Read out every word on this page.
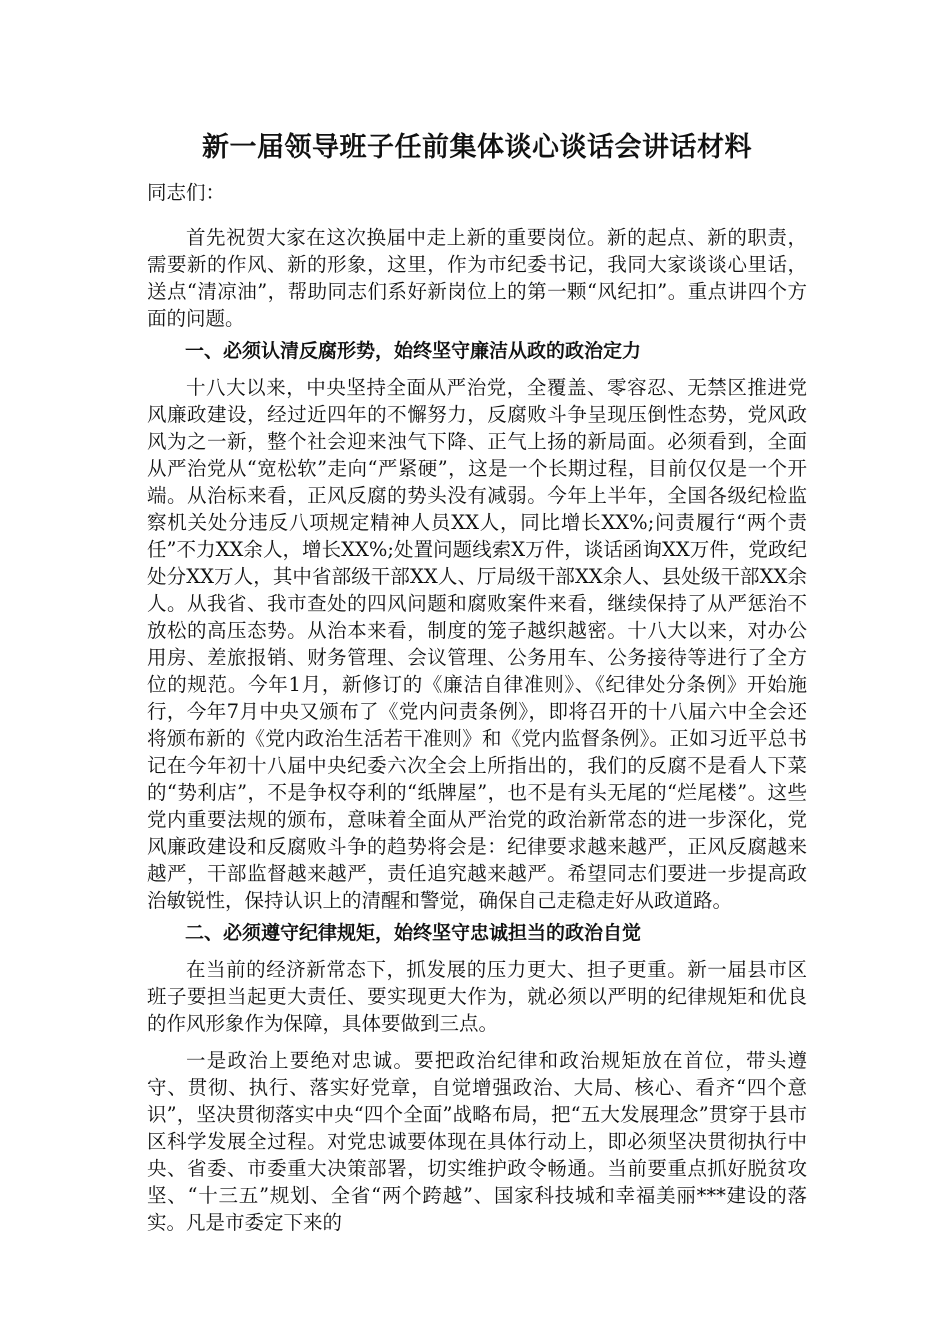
新一届领导班子任前集体谈心谈话会讲话材料
同志们：

首先祝贺大家在这次换届中走上新的重要岗位。新的起点、新的职责，需要新的作风、新的形象，这里，作为市纪委书记，我同大家谈谈心里话，送点“清凉油”，帮助同志们系好新岗位上的第一颗“风纪扣”。重点讲四个方面的问题。

一、必须认清反腐形势，始终坚守廉洁从政的政治定力

十八大以来，中央坚持全面从严治党，全覆盖、零容忍、无禁区推进党风廉政建设，经过近四年的不懈努力，反腐败斗争呈现压倒性态势，党风政风为之一新，整个社会迎来浊气下降、正气上扬的新局面。必须看到，全面从严治党从“宽松软”走向“严紧硬”，这是一个长期过程，目前仅仅是一个开端。从治标来看，正风反腐的势头没有减弱。今年上半年，全国各级纪检监察机关处分违反八项规定精神人员XX人，同比增长XX%;问责履行“两个责任”不力XX余人，增长XX%;处置问题线索X万件，谈话函询XX万件，党政纪处分XX万人，其中省部级干部XX人、厅局级干部XX余人、县处级干部XX余人。从我省、我市查处的四风问题和腐败案件来看，继续保持了从严惩治不放松的高压态势。从治本来看，制度的笼子越织越密。十八大以来，对办公用房、差旅报销、财务管理、会议管理、公务用车、公务接待等进行了全方位的规范。今年1月，新修订的《廉洁自律准则》、《纪律处分条例》开始施行，今年7月中央又颁布了《党内问责条例》，即将召开的十八届六中全会还将颁布新的《党内政治生活若干准则》和《党内监督条例》。正如习近平总书记在今年初十八届中央纪委六次全会上所指出的，我们的反腐不是看人下菜的“势利店”，不是争权夺利的“纸牌屋”，也不是有头无尾的“烂尾楼”。这些党内重要法规的颁布，意味着全面从严治党的政治新常态的进一步深化，党风廉政建设和反腐败斗争的趋势将会是：纪律要求越来越严，正风反腐越来越严，干部监督越来越严，责任追究越来越严。希望同志们要进一步提高政治敏锐性，保持认识上的清醒和警觉，确保自己走稳走好从政道路。

二、必须遵守纪律规矩，始终坚守忠诚担当的政治自觉

在当前的经济新常态下，抓发展的压力更大、担子更重。新一届县市区班子要担当起更大责任、要实现更大作为，就必须以严明的纪律规矩和优良的作风形象作为保障，具体要做到三点。

一是政治上要绝对忠诚。要把政治纪律和政治规矩放在首位，带头遵守、贯彻、执行、落实好党章，自觉增强政治、大局、核心、看齐“四个意识”，坚决贯彻落实中央“四个全面”战略布局，把“五大发展理念”贯穿于县市区科学发展全过程。对党忠诚要体现在具体行动上，即必须坚决贯彻执行中央、省委、市委重大决策部署，切实维护政令畅通。当前要重点抓好脱贫攻坚、“十三五”规划、全省“两个跨越”、国家科技城和幸福美丽***建设的落实。凡是市委定下来的
